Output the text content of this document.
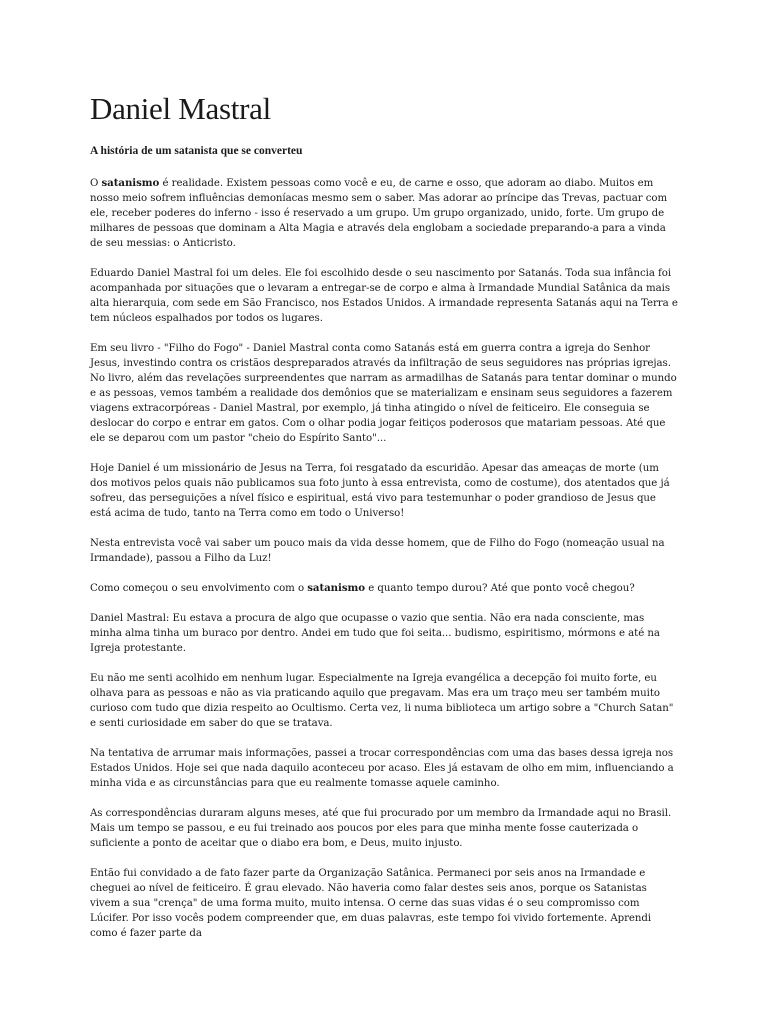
Daniel Mastral

A história de um satanista que se converteu

O satanismo é realidade. Existem pessoas como você e eu, de carne e osso, que adoram ao diabo. Muitos em nosso meio sofrem influências demoníacas mesmo sem o saber. Mas adorar ao príncipe das Trevas, pactuar com ele, receber poderes do inferno - isso é reservado a um grupo. Um grupo organizado, unido, forte. Um grupo de milhares de pessoas que dominam a Alta Magia e através dela englobam a sociedade preparando-a para a vinda de seu messias: o Anticristo.

Eduardo Daniel Mastral foi um deles. Ele foi escolhido desde o seu nascimento por Satanás. Toda sua infância foi acompanhada por situações que o levaram a entregar-se de corpo e alma à Irmandade Mundial Satânica da mais alta hierarquia, com sede em São Francisco, nos Estados Unidos. A irmandade representa Satanás aqui na Terra e tem núcleos espalhados por todos os lugares.

Em seu livro - "Filho do Fogo" - Daniel Mastral conta como Satanás está em guerra contra a igreja do Senhor Jesus, investindo contra os cristãos despreparados através da infiltração de seus seguidores nas próprias igrejas. No livro, além das revelações surpreendentes que narram as armadilhas de Satanás para tentar dominar o mundo e as pessoas, vemos também a realidade dos demônios que se materializam e ensinam seus seguidores a fazerem viagens extracorpóreas - Daniel Mastral, por exemplo, já tinha atingido o nível de feiticeiro. Ele conseguia se deslocar do corpo e entrar em gatos. Com o olhar podia jogar feitiços poderosos que matariam pessoas. Até que ele se deparou com um pastor "cheio do Espírito Santo"...

Hoje Daniel é um missionário de Jesus na Terra, foi resgatado da escuridão. Apesar das ameaças de morte (um dos motivos pelos quais não publicamos sua foto junto à essa entrevista, como de costume), dos atentados que já sofreu, das perseguições a nível físico e espiritual, está vivo para testemunhar o poder grandioso de Jesus que está acima de tudo, tanto na Terra como em todo o Universo!

Nesta entrevista você vai saber um pouco mais da vida desse homem, que de Filho do Fogo (nomeação usual na Irmandade), passou a Filho da Luz!

Como começou o seu envolvimento com o satanismo e quanto tempo durou? Até que ponto você chegou?

Daniel Mastral: Eu estava a procura de algo que ocupasse o vazio que sentia. Não era nada consciente, mas minha alma tinha um buraco por dentro. Andei em tudo que foi seita... budismo, espiritismo, mórmons e até na Igreja protestante.

Eu não me senti acolhido em nenhum lugar. Especialmente na Igreja evangélica a decepção foi muito forte, eu olhava para as pessoas e não as via praticando aquilo que pregavam. Mas era um traço meu ser também muito curioso com tudo que dizia respeito ao Ocultismo. Certa vez, li numa biblioteca um artigo sobre a "Church Satan" e senti curiosidade em saber do que se tratava.

Na tentativa de arrumar mais informações, passei a trocar correspondências com uma das bases dessa igreja nos Estados Unidos. Hoje sei que nada daquilo aconteceu por acaso. Eles já estavam de olho em mim, influenciando a minha vida e as circunstâncias para que eu realmente tomasse aquele caminho.

As correspondências duraram alguns meses, até que fui procurado por um membro da Irmandade aqui no Brasil. Mais um tempo se passou, e eu fui treinado aos poucos por eles para que minha mente fosse cauterizada o suficiente a ponto de aceitar que o diabo era bom, e Deus, muito injusto.

Então fui convidado a de fato fazer parte da Organização Satânica. Permaneci por seis anos na Irmandade e cheguei ao nível de feiticeiro. É grau elevado. Não haveria como falar destes seis anos, porque os Satanistas vivem a sua "crença" de uma forma muito, muito intensa. O cerne das suas vidas é o seu compromisso com Lúcifer. Por isso vocês podem compreender que, em duas palavras, este tempo foi vivido fortemente. Aprendi como é fazer parte da
